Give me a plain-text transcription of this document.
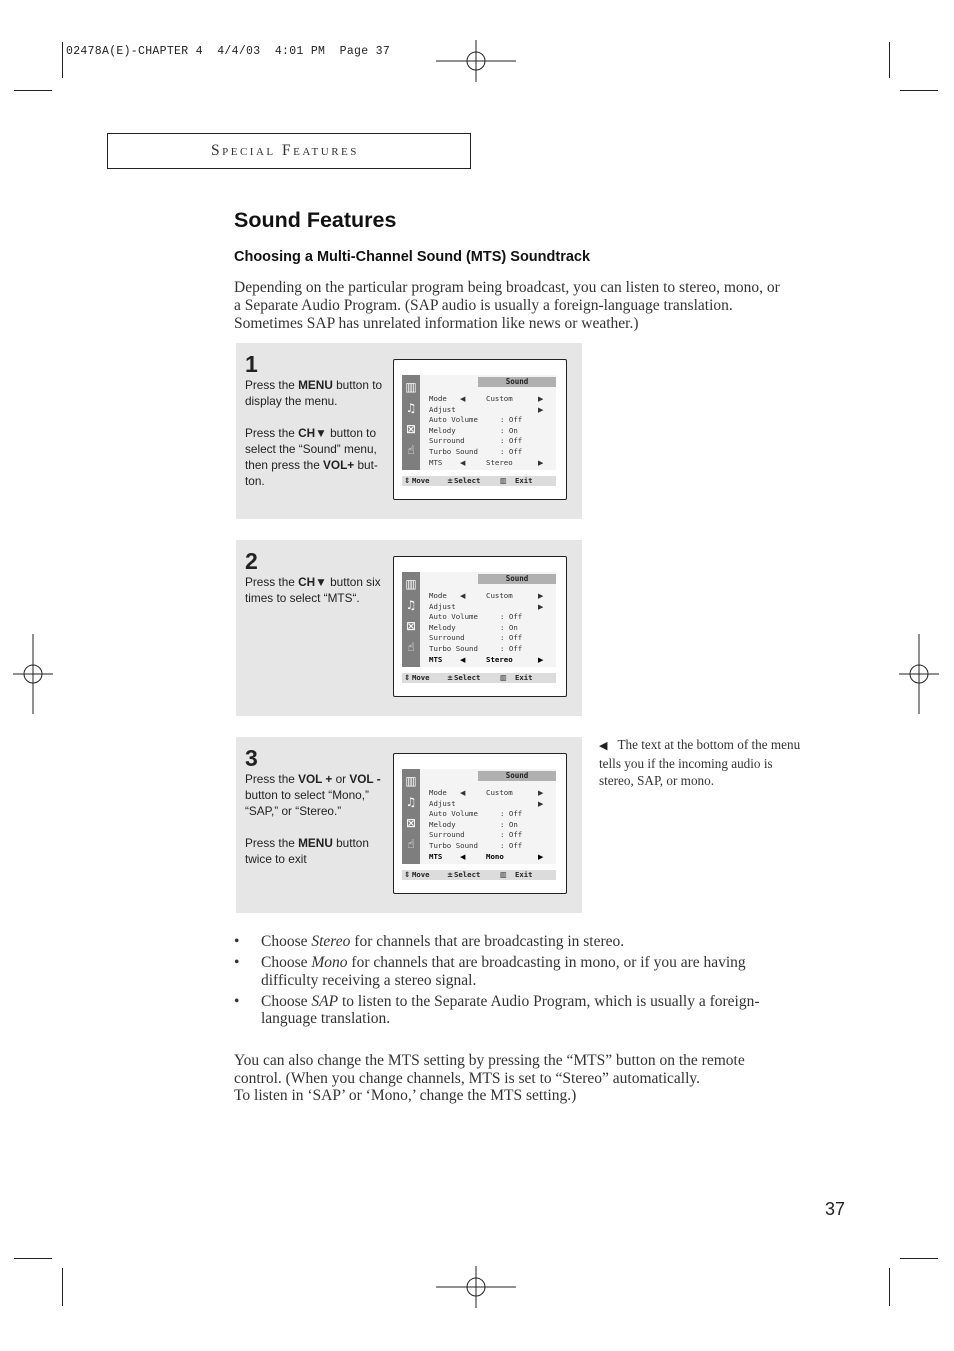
02478A(E)-CHAPTER 4  4/4/03  4:01 PM  Page 37
Special Features
Sound Features
Choosing a Multi-Channel Sound (MTS) Soundtrack
Depending on the particular program being broadcast, you can listen to stereo, mono, or
a Separate Audio Program. (SAP audio is usually a foreign-language translation.
Sometimes SAP has unrelated information like news or weather.)
1

Press the MENU button to display the menu.

Press the CH▼ button to select the “Sound” menu, then press the VOL+ but-ton.

▥
♫
⊠
☝
Sound
Mode ◀	Custom	▶
Adjust	▶
Auto Volume	: Off
Melody	: On
Surround	: Off
Turbo Sound	: Off
MTS	◀	Stereo	▶
⇕ Move ± Select	▥ Exit
2

Press the CH▼ button six times to select “MTS“.

▥
♫
⊠
☝
Sound
Mode ◀	Custom	▶
Adjust	▶
Auto Volume	: Off
Melody	: On
Surround	: Off
Turbo Sound	: Off
MTS	◀	Stereo	▶
⇕ Move ± Select	▥ Exit
3

Press the VOL + or VOL - button to select “Mono,” “SAP,” or “Stereo.”

Press the MENU button twice to exit

▥
♫
⊠
☝
Sound
Mode ◀	Custom	▶
Adjust	▶
Auto Volume	: Off
Melody	: On
Surround	: Off
Turbo Sound	: Off
MTS	◀	Mono	▶
⇕ Move ± Select	▥ Exit
◀ The text at the bottom of the menu tells you if the incoming audio is stereo, SAP, or mono.
• Choose Stereo for channels that are broadcasting in stereo.
• Choose Mono for channels that are broadcasting in mono, or if you are having difficulty receiving a stereo signal.
• Choose SAP to listen to the Separate Audio Program, which is usually a foreign-language translation.
You can also change the MTS setting by pressing the “MTS” button on the remote
control. (When you change channels, MTS is set to “Stereo” automatically.
To listen in ‘SAP’ or ‘Mono,’ change the MTS setting.)
37
